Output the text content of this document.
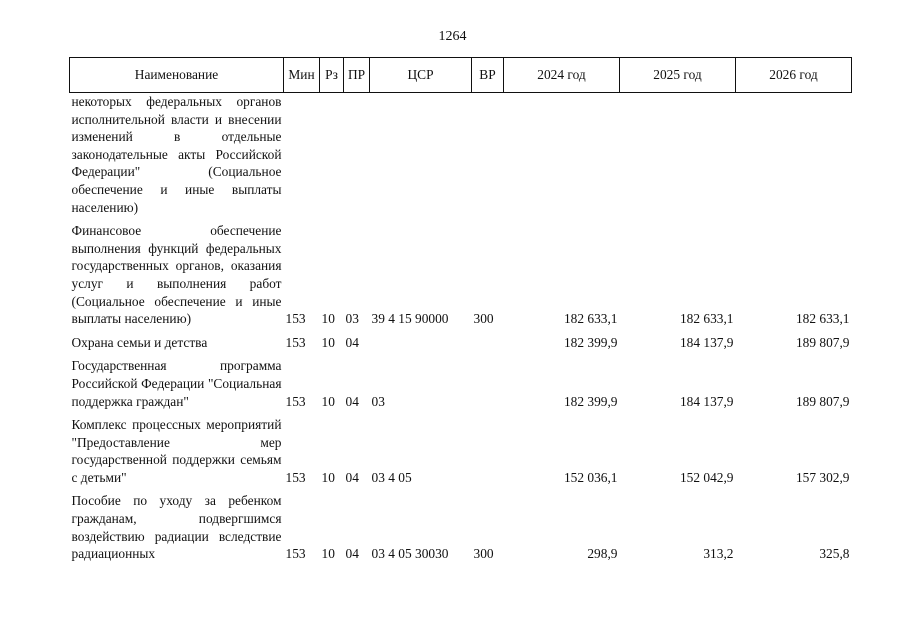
1264
Наименование	Мин	Рз	ПР	ЦСР	ВР	2024 год	2025 год	2026 год
некоторых федеральных органов исполнительной власти и внесении изменений в отдельные законодательные акты Российской Федерации" (Социальное обеспечение и иные выплаты населению)								

Финансовое обеспечение выполнения функций федеральных государственных органов, оказания услуг и выполнения работ (Социальное обеспечение и иные выплаты населению)	153	10	03	39 4 15 90000	300	182 633,1	182 633,1	182 633,1

Охрана семьи и детства	153	10	04			182 399,9	184 137,9	189 807,9

Государственная программа Российской Федерации "Социальная поддержка граждан"	153	10	04	03		182 399,9	184 137,9	189 807,9

Комплекс процессных мероприятий "Предоставление мер государственной поддержки семьям с детьми"	153	10	04	03 4 05		152 036,1	152 042,9	157 302,9

Пособие по уходу за ребенком гражданам, подвергшимся воздействию радиации вследствие радиационных	153	10	04	03 4 05 30030	300	298,9	313,2	325,8
